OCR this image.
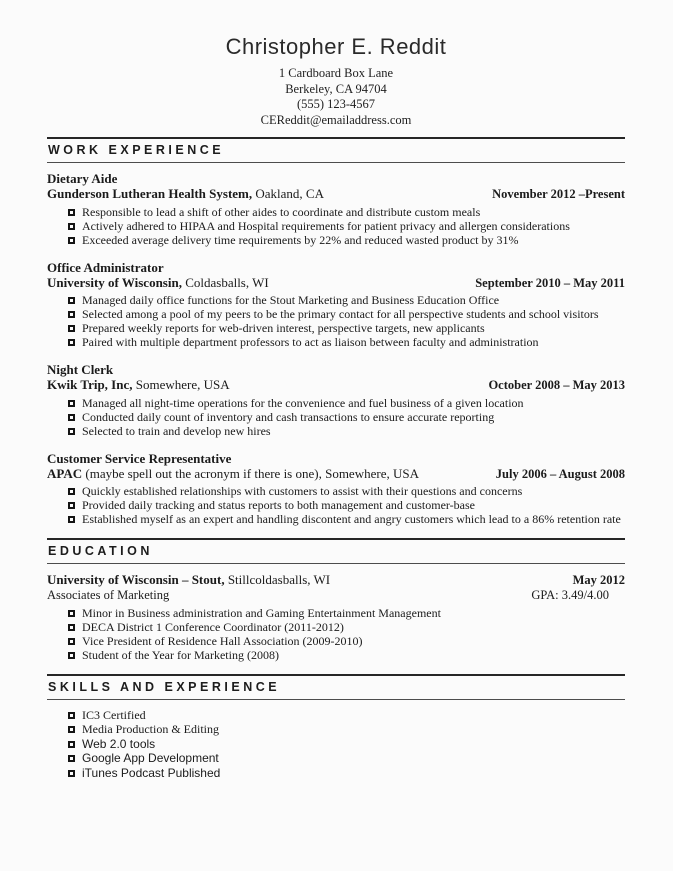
Christopher E. Reddit
1 Cardboard Box Lane
Berkeley, CA 94704
(555) 123-4567
CEReddit@emailaddress.com
WORK EXPERIENCE
Dietary Aide
Gunderson Lutheran Health System, Oakland, CA	November 2012 –Present
Responsible to lead a shift of other aides to coordinate and distribute custom meals
Actively adhered to HIPAA and Hospital requirements for patient privacy and allergen considerations
Exceeded average delivery time requirements by 22% and reduced wasted product by 31%
Office Administrator
University of Wisconsin, Coldasballs, WI	September 2010 – May 2011
Managed daily office functions for the Stout Marketing and Business Education Office
Selected among a pool of my peers to be the primary contact for all perspective students and school visitors
Prepared weekly reports for web-driven interest, perspective targets, new applicants
Paired with multiple department professors to act as liaison between faculty and administration
Night Clerk
Kwik Trip, Inc, Somewhere, USA	October 2008 – May 2013
Managed all night-time operations for the convenience and fuel business of a given location
Conducted daily count of inventory and cash transactions to ensure accurate reporting
Selected to train and develop new hires
Customer Service Representative
APAC (maybe spell out the acronym if there is one), Somewhere, USA	July 2006 – August 2008
Quickly established relationships with customers to assist with their questions and concerns
Provided daily tracking and status reports to both management and customer-base
Established myself as an expert and handling discontent and angry customers which lead to a 86% retention rate
EDUCATION
University of Wisconsin – Stout, Stillcoldasballs, WI	May 2012
Associates of Marketing	GPA: 3.49/4.00
Minor in Business administration and Gaming Entertainment Management
DECA District 1 Conference Coordinator (2011-2012)
Vice President of Residence Hall Association (2009-2010)
Student of the Year for Marketing (2008)
SKILLS AND EXPERIENCE
IC3 Certified
Media Production & Editing
Web 2.0 tools
Google App Development
iTunes Podcast Published
